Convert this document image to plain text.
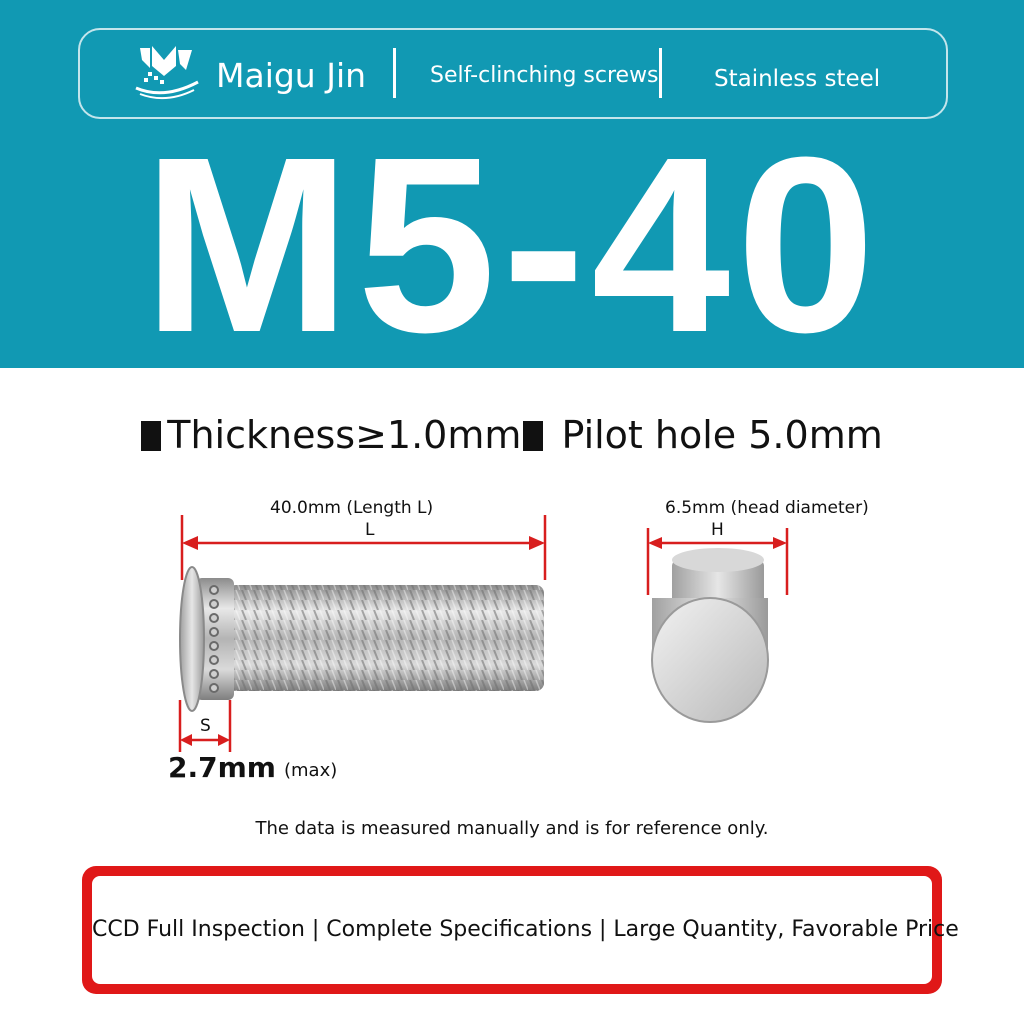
Maigu Jin	Self-clinching screws Stainless steel
M5-40
Thickness≥1.0mm Pilot hole 5.0mm
40.0mm (Length L)
L
6.5mm (head diameter)
H
S
2.7mm (max)
The data is measured manually and is for reference only.
CCD Full Inspection | Complete Specifications | Large Quantity, Favorable Price
